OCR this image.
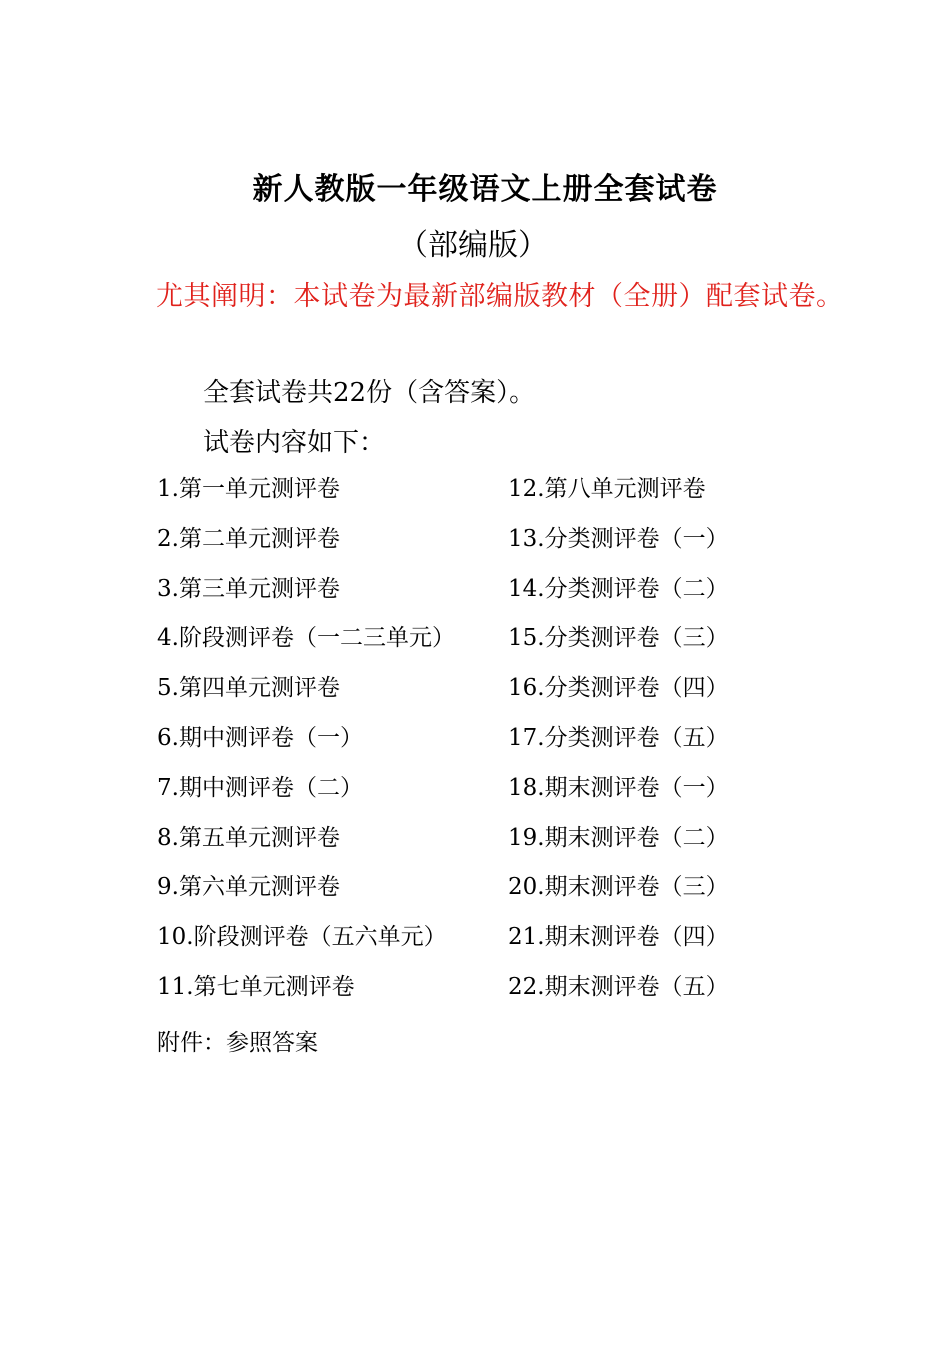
新人教版一年级语文上册全套试卷
（部编版）
尤其阐明：本试卷为最新部编版教材（全册）配套试卷。
全套试卷共22份（含答案）。
试卷内容如下：
1.第一单元测评卷
2.第二单元测评卷
3.第三单元测评卷
4.阶段测评卷（一二三单元）
5.第四单元测评卷
6.期中测评卷（一）
7.期中测评卷（二）
8.第五单元测评卷
9.第六单元测评卷
10.阶段测评卷（五六单元）
11.第七单元测评卷
12.第八单元测评卷
13.分类测评卷（一）
14.分类测评卷（二）
15.分类测评卷（三）
16.分类测评卷（四）
17.分类测评卷（五）
18.期末测评卷（一）
19.期末测评卷（二）
20.期末测评卷（三）
21.期末测评卷（四）
22.期末测评卷（五）
附件：参照答案
